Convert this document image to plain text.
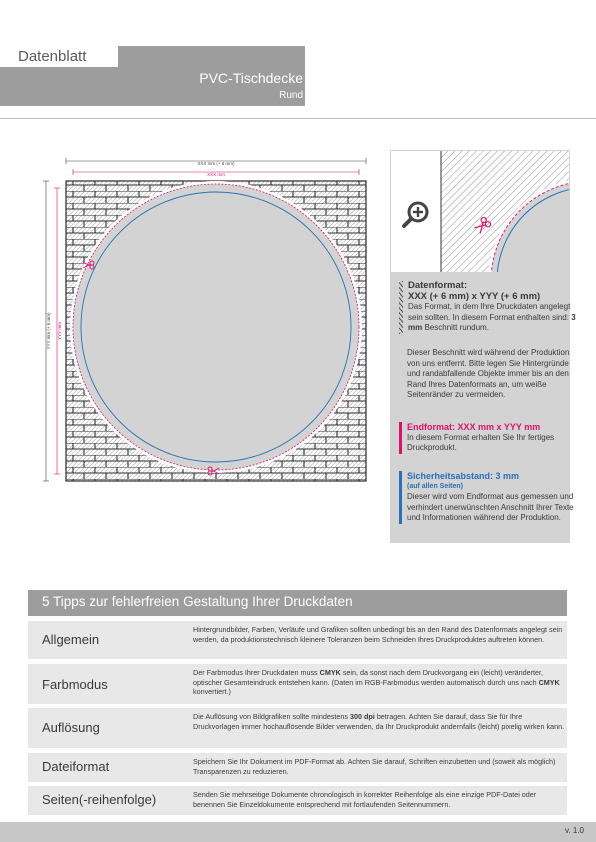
Datenblatt
PVC-Tischdecke
Rund
XXX mm (+ 6 mm)
XXX mm
YYY mm (+ 6 mm) YYY mm
Datenformat:
XXX (+ 6 mm) x YYY (+ 6 mm)
Das Format, in dem Ihre Druckdaten angelegt sein sollten. In diesem Format enthalten sind: 3 mm Beschnitt rundum.
Dieser Beschnitt wird während der Produktion von uns entfernt. Bitte legen Sie Hintergründe und randabfallende Objekte immer bis an den Rand Ihres Datenformats an, um weiße Seitenränder zu vermeiden.
Endformat: XXX mm x YYY mm
In diesem Format erhalten Sie Ihr fertiges Druckprodukt.
Sicherheitsabstand: 3 mm
(auf allen Seiten)
Dieser wird vom Endformat aus gemessen und verhindert unerwünschten Anschnitt Ihrer Texte und Informationen während der Produktion.
5 Tipps zur fehlerfreien Gestaltung Ihrer Druckdaten
Allgemein
Hintergrundbilder, Farben, Verläufe und Grafiken sollten unbedingt bis an den Rand des Datenformats angelegt sein werden, da produktionstechnisch kleinere Toleranzen beim Schneiden Ihres Druckproduktes auftreten können.
Farbmodus
Der Farbmodus Ihrer Druckdaten muss CMYK sein, da sonst nach dem Druckvorgang ein (leicht) veränderter, optischer Gesamteindruck entstehen kann. (Daten im RGB-Farbmodus werden automatisch durch uns nach CMYK konvertiert.)
Auflösung
Die Auflösung von Bildgrafiken sollte mindestens 300 dpi betragen. Achten Sie darauf, dass Sie für Ihre Druckvorlagen immer hochauflösende Bilder verwenden, da Ihr Druckprodukt andernfalls (leicht) pixelig wirken kann.
Dateiformat	Speichern Sie Ihr Dokument im PDF-Format ab. Achten Sie darauf, Schriften einzubetten und (soweit als möglich) Transparenzen zu reduzieren.
Seiten(-reihenfolge)	Senden Sie mehrseitige Dokumente chronologisch in korrekter Reihenfolge als eine einzige PDF-Datei oder benennen Sie Einzeldokumente entsprechend mit fortlaufenden Seitennummern.
v. 1.0
